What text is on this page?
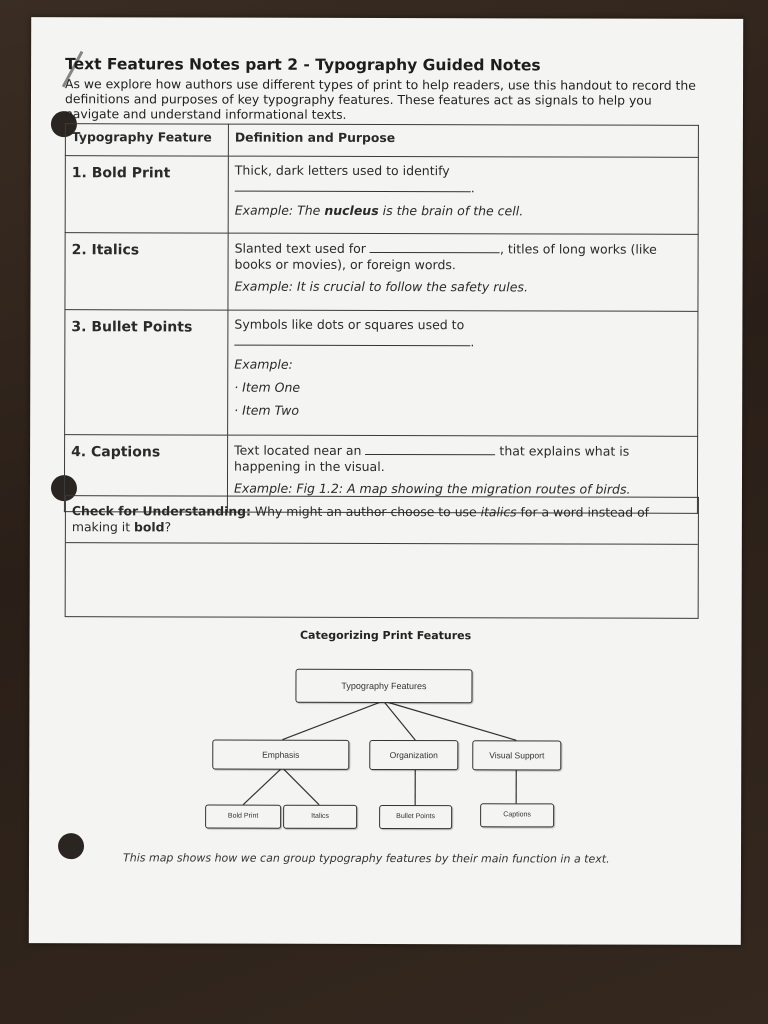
Text Features Notes part 2 - Typography Guided Notes
As we explore how authors use different types of print to help readers, use this handout to record the definitions and purposes of key typography features. These features act as signals to help you navigate and understand informational texts.
Typography Feature	Definition and Purpose
1. Bold Print	Thick, dark letters used to identify
.
Example: The nucleus is the brain of the cell.

2. Italics	Slanted text used for , titles of long works (like books or movies), or foreign words.
Example: It is crucial to follow the safety rules.

3. Bullet Points	Symbols like dots or squares used to
.
Example:
· Item One
· Item Two

4. Captions	Text located near an that explains what is happening in the visual.
Example: Fig 1.2: A map showing the migration routes of birds.
Check for Understanding: Why might an author choose to use italics for a word instead of making it bold?
Categorizing Print Features
Typography Features
Emphasis	Organization	Visual Support
Bold Print	Italics	Bullet Points	Captions
This map shows how we can group typography features by their main function in a text.
